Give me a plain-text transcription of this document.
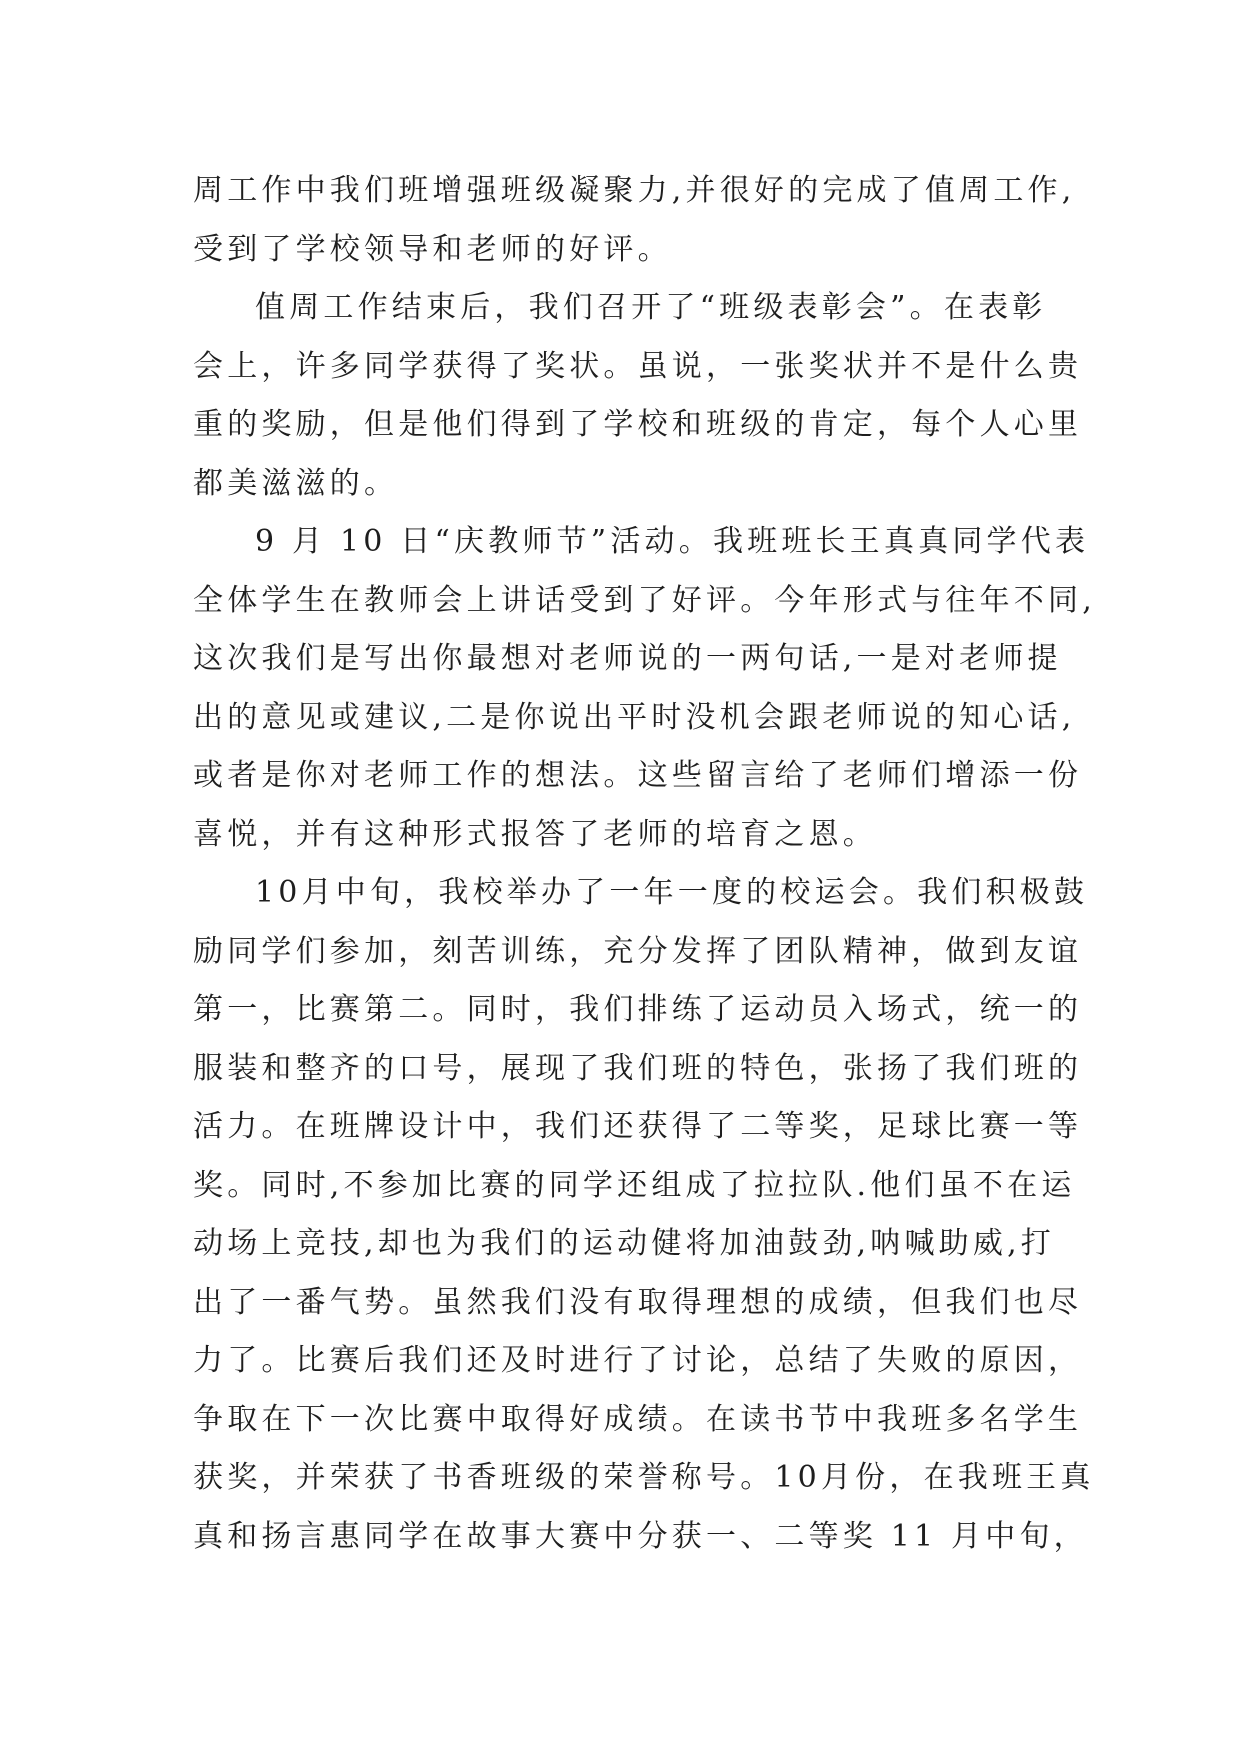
周工作中我们班增强班级凝聚力,并很好的完成了值周工作,
受到了学校领导和老师的好评。
值周工作结束后，我们召开了“班级表彰会”。在表彰
会上，许多同学获得了奖状。虽说，一张奖状并不是什么贵
重的奖励，但是他们得到了学校和班级的肯定，每个人心里
都美滋滋的。
9 月 10 日“庆教师节”活动。我班班长王真真同学代表
全体学生在教师会上讲话受到了好评。今年形式与往年不同,
这次我们是写出你最想对老师说的一两句话,一是对老师提
出的意见或建议,二是你说出平时没机会跟老师说的知心话,
或者是你对老师工作的想法。这些留言给了老师们增添一份
喜悦，并有这种形式报答了老师的培育之恩。
10月中旬，我校举办了一年一度的校运会。我们积极鼓
励同学们参加，刻苦训练，充分发挥了团队精神，做到友谊
第一，比赛第二。同时，我们排练了运动员入场式，统一的
服装和整齐的口号，展现了我们班的特色，张扬了我们班的
活力。在班牌设计中，我们还获得了二等奖，足球比赛一等
奖。同时,不参加比赛的同学还组成了拉拉队.他们虽不在运
动场上竞技,却也为我们的运动健将加油鼓劲,呐喊助威,打
出了一番气势。虽然我们没有取得理想的成绩，但我们也尽
力了。比赛后我们还及时进行了讨论，总结了失败的原因，
争取在下一次比赛中取得好成绩。在读书节中我班多名学生
获奖，并荣获了书香班级的荣誉称号。10月份，在我班王真
真和扬言惠同学在故事大赛中分获一、二等奖 11 月中旬，
